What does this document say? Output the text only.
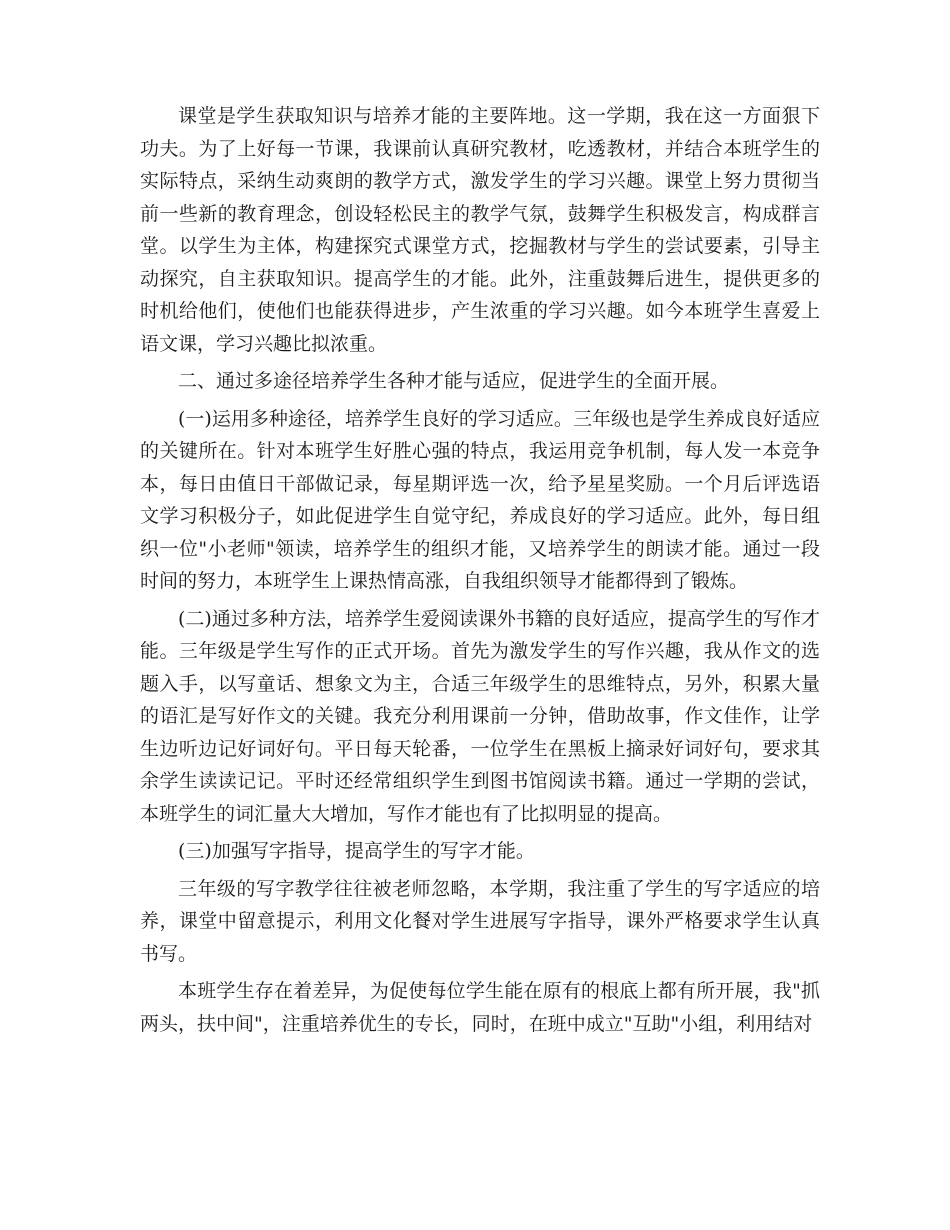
课堂是学生获取知识与培养才能的主要阵地。这一学期，我在这一方面狠下功夫。为了上好每一节课，我课前认真研究教材，吃透教材，并结合本班学生的实际特点，采纳生动爽朗的教学方式，激发学生的学习兴趣。课堂上努力贯彻当前一些新的教育理念，创设轻松民主的教学气氛，鼓舞学生积极发言，构成群言堂。以学生为主体，构建探究式课堂方式，挖掘教材与学生的尝试要素，引导主动探究，自主获取知识。提高学生的才能。此外，注重鼓舞后进生，提供更多的时机给他们，使他们也能获得进步，产生浓重的学习兴趣。如今本班学生喜爱上语文课，学习兴趣比拟浓重。

二、通过多途径培养学生各种才能与适应，促进学生的全面开展。

(一)运用多种途径，培养学生良好的学习适应。三年级也是学生养成良好适应的关键所在。针对本班学生好胜心强的特点，我运用竞争机制，每人发一本竞争本，每日由值日干部做记录，每星期评选一次，给予星星奖励。一个月后评选语文学习积极分子，如此促进学生自觉守纪，养成良好的学习适应。此外，每日组织一位"小老师"领读，培养学生的组织才能，又培养学生的朗读才能。通过一段时间的努力，本班学生上课热情高涨，自我组织领导才能都得到了锻炼。

(二)通过多种方法，培养学生爱阅读课外书籍的良好适应，提高学生的写作才能。三年级是学生写作的正式开场。首先为激发学生的写作兴趣，我从作文的选题入手，以写童话、想象文为主，合适三年级学生的思维特点，另外，积累大量的语汇是写好作文的关键。我充分利用课前一分钟，借助故事，作文佳作，让学生边听边记好词好句。平日每天轮番，一位学生在黑板上摘录好词好句，要求其余学生读读记记。平时还经常组织学生到图书馆阅读书籍。通过一学期的尝试，本班学生的词汇量大大增加，写作才能也有了比拟明显的提高。

(三)加强写字指导，提高学生的写字才能。

三年级的写字教学往往被老师忽略，本学期，我注重了学生的写字适应的培养，课堂中留意提示，利用文化餐对学生进展写字指导，课外严格要求学生认真书写。

本班学生存在着差异，为促使每位学生能在原有的根底上都有所开展，我"抓两头，扶中间"，注重培养优生的专长，同时，在班中成立"互助"小组，利用结对
